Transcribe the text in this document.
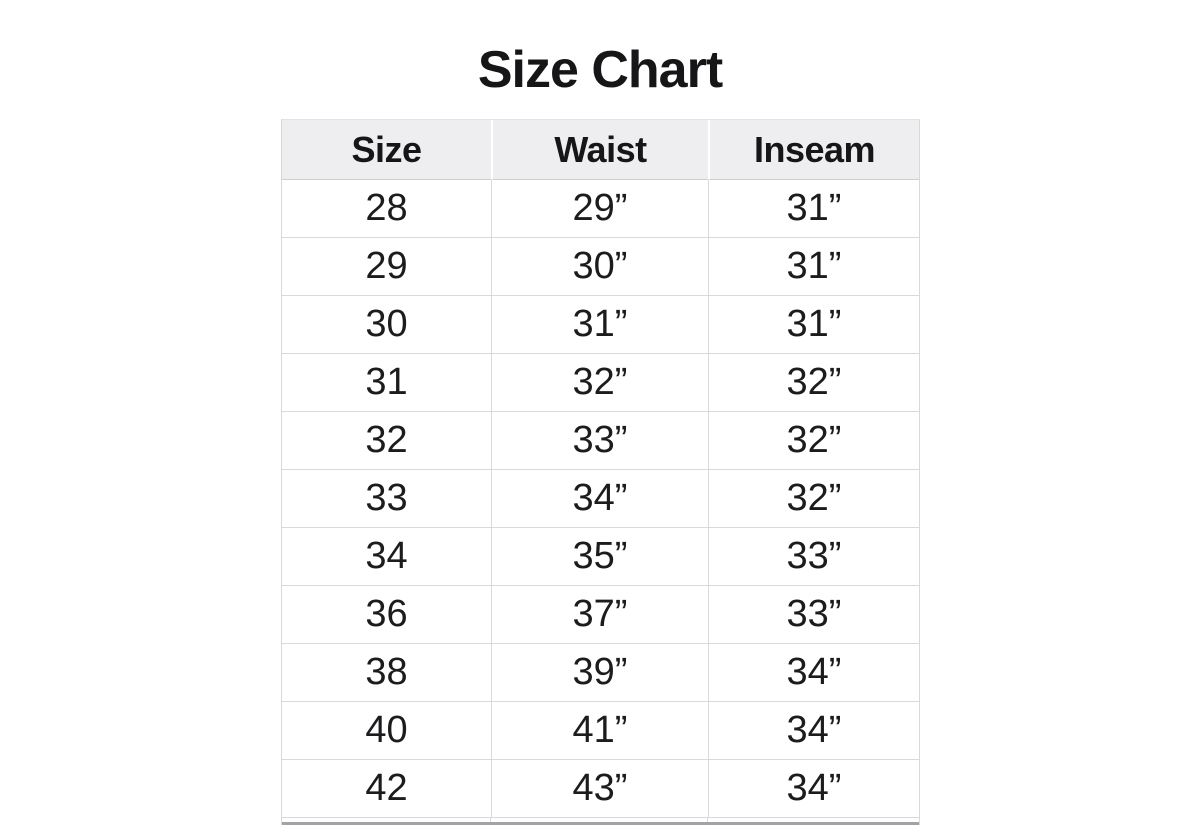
Size Chart
Size	Waist	Inseam
28	29”	31”
29	30”	31”
30	31”	31”
31	32”	32”
32	33”	32”
33	34”	32”
34	35”	33”
36	37”	33”
38	39”	34”
40	41”	34”
42	43”	34”
